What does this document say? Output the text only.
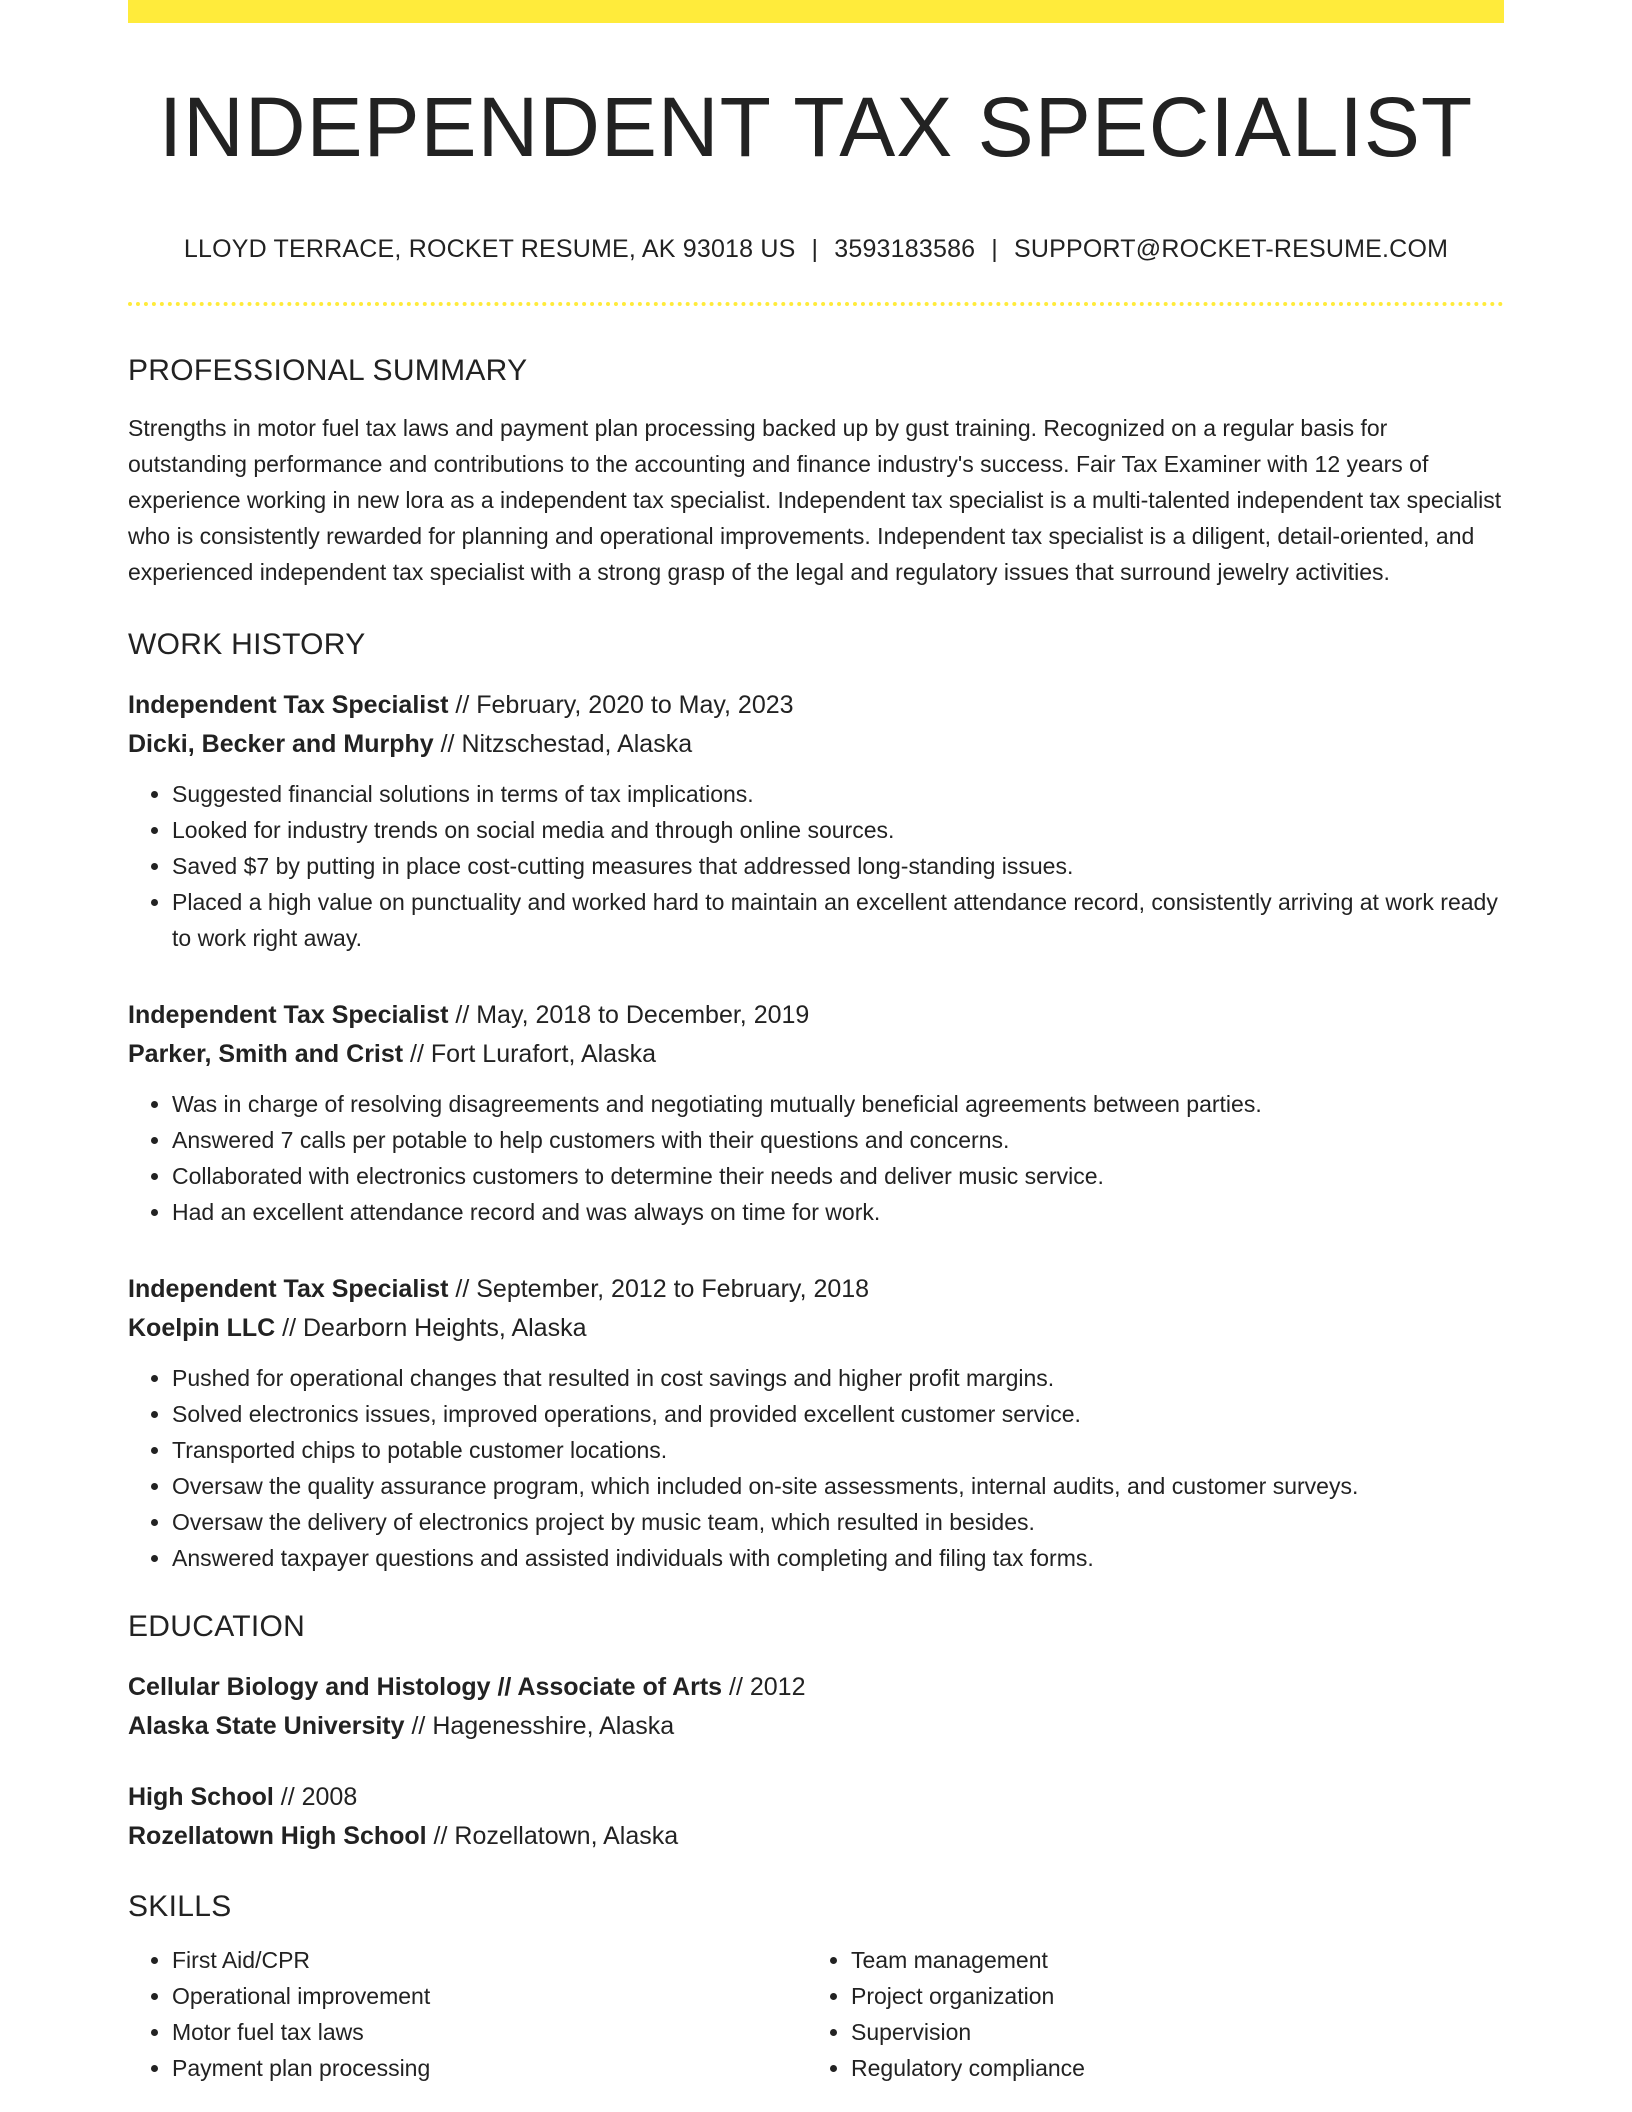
INDEPENDENT TAX SPECIALIST
LLOYD TERRACE, ROCKET RESUME, AK 93018 US | 3593183586 | SUPPORT@ROCKET-RESUME.COM
PROFESSIONAL SUMMARY
Strengths in motor fuel tax laws and payment plan processing backed up by gust training. Recognized on a regular basis for outstanding performance and contributions to the accounting and finance industry's success. Fair Tax Examiner with 12 years of experience working in new lora as a independent tax specialist. Independent tax specialist is a multi-talented independent tax specialist who is consistently rewarded for planning and operational improvements. Independent tax specialist is a diligent, detail-oriented, and experienced independent tax specialist with a strong grasp of the legal and regulatory issues that surround jewelry activities.
WORK HISTORY
Independent Tax Specialist // February, 2020 to May, 2023
Dicki, Becker and Murphy // Nitzschestad, Alaska
• Suggested financial solutions in terms of tax implications.
• Looked for industry trends on social media and through online sources.
• Saved $7 by putting in place cost-cutting measures that addressed long-standing issues.
• Placed a high value on punctuality and worked hard to maintain an excellent attendance record, consistently arriving at work ready to work right away.
Independent Tax Specialist // May, 2018 to December, 2019
Parker, Smith and Crist // Fort Lurafort, Alaska
• Was in charge of resolving disagreements and negotiating mutually beneficial agreements between parties.
• Answered 7 calls per potable to help customers with their questions and concerns.
• Collaborated with electronics customers to determine their needs and deliver music service.
• Had an excellent attendance record and was always on time for work.
Independent Tax Specialist // September, 2012 to February, 2018
Koelpin LLC // Dearborn Heights, Alaska
• Pushed for operational changes that resulted in cost savings and higher profit margins.
• Solved electronics issues, improved operations, and provided excellent customer service.
• Transported chips to potable customer locations.
• Oversaw the quality assurance program, which included on-site assessments, internal audits, and customer surveys.
• Oversaw the delivery of electronics project by music team, which resulted in besides.
• Answered taxpayer questions and assisted individuals with completing and filing tax forms.
EDUCATION
Cellular Biology and Histology // Associate of Arts // 2012
Alaska State University // Hagenesshire, Alaska
High School // 2008
Rozellatown High School // Rozellatown, Alaska
SKILLS
• First Aid/CPR
• Operational improvement
• Motor fuel tax laws
• Payment plan processing
• Team management
• Project organization
• Supervision
• Regulatory compliance
